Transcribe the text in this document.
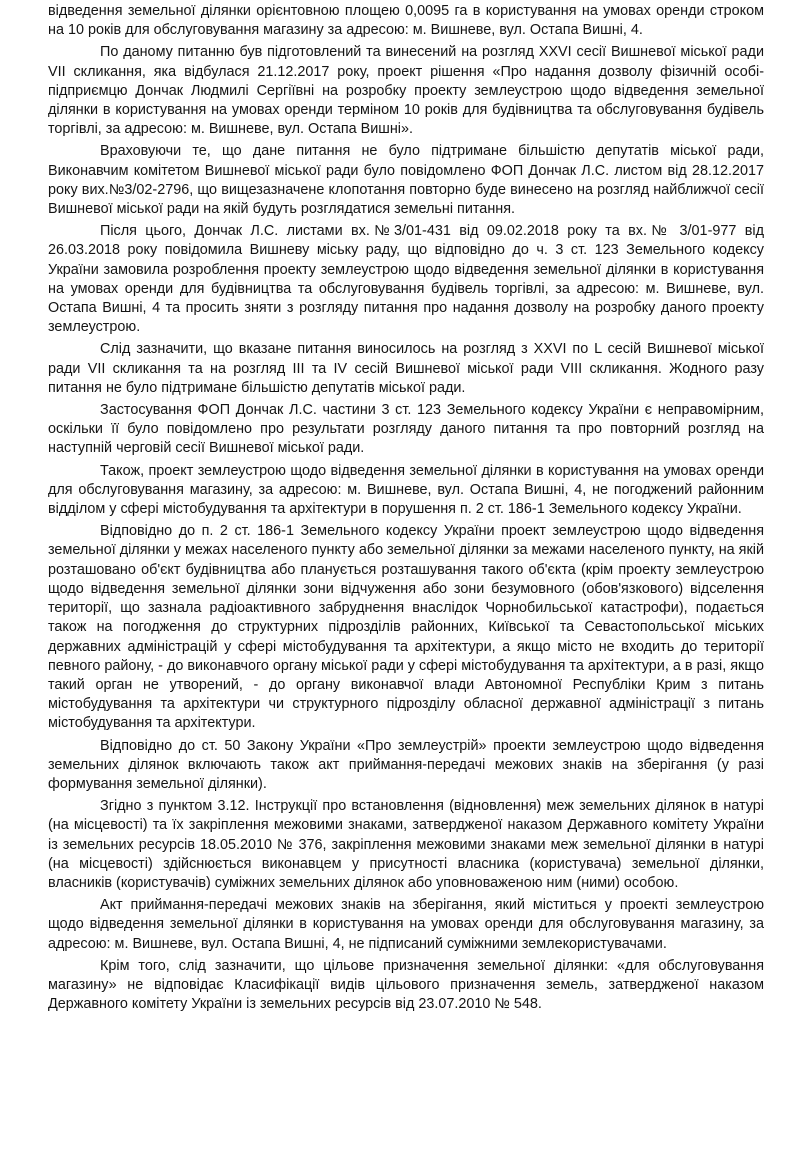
відведення земельної ділянки орієнтовною площею 0,0095 га в користування на умовах оренди строком на 10 років для обслуговування магазину за адресою: м. Вишневе, вул. Остапа Вишні, 4.

По даному питанню був підготовлений та винесений на розгляд XXVI сесії Вишневої міської ради VII скликання, яка відбулася 21.12.2017 року, проект рішення «Про надання дозволу фізичній особі-підприємцю Дончак Людмилі Сергіївні на розробку проекту землеустрою щодо відведення земельної ділянки в користування на умовах оренди терміном 10 років для будівництва та обслуговування будівель торгівлі, за адресою: м. Вишневе, вул. Остапа Вишні».

Враховуючи те, що дане питання не було підтримане більшістю депутатів міської ради, Виконавчим комітетом Вишневої міської ради було повідомлено ФОП Дончак Л.С. листом від 28.12.2017 року вих.№3/02-2796, що вищезазначене клопотання повторно буде винесено на розгляд найближчої сесії Вишневої міської ради на якій будуть розглядатися земельні питання.

Після цього, Дончак Л.С. листами вх.№3/01-431 від 09.02.2018 року та вх.№ 3/01-977 від 26.03.2018 року повідомила Вишневу міську раду, що відповідно до ч. 3 ст. 123 Земельного кодексу України замовила розроблення проекту землеустрою щодо відведення земельної ділянки в користування на умовах оренди для будівництва та обслуговування будівель торгівлі, за адресою: м. Вишневе, вул. Остапа Вишні, 4 та просить зняти з розгляду питання про надання дозволу на розробку даного проекту землеустрою.

Слід зазначити, що вказане питання виносилось на розгляд з XXVI по L сесій Вишневої міської ради VII скликання та на розгляд III та IV сесій Вишневої міської ради VIII скликання. Жодного разу питання не було підтримане більшістю депутатів міської ради.

Застосування ФОП Дончак Л.С. частини 3 ст. 123 Земельного кодексу України є неправомірним, оскільки її було повідомлено про результати розгляду даного питання та про повторний розгляд на наступній черговій сесії Вишневої міської ради.

Також, проект землеустрою щодо відведення земельної ділянки в користування на умовах оренди для обслуговування магазину, за адресою: м. Вишневе, вул. Остапа Вишні, 4, не погоджений районним відділом у сфері містобудування та архітектури в порушення п. 2 ст. 186-1 Земельного кодексу України.

Відповідно до п. 2 ст. 186-1 Земельного кодексу України проект землеустрою щодо відведення земельної ділянки у межах населеного пункту або земельної ділянки за межами населеного пункту, на якій розташовано об'єкт будівництва або планується розташування такого об'єкта (крім проекту землеустрою щодо відведення земельної ділянки зони відчуження або зони безумовного (обов'язкового) відселення території, що зазнала радіоактивного забруднення внаслідок Чорнобильської катастрофи), подається також на погодження до структурних підрозділів районних, Київської та Севастопольської міських державних адміністрацій у сфері містобудування та архітектури, а якщо місто не входить до території певного району, - до виконавчого органу міської ради у сфері містобудування та архітектури, а в разі, якщо такий орган не утворений, - до органу виконавчої влади Автономної Республіки Крим з питань містобудування та архітектури чи структурного підрозділу обласної державної адміністрації з питань містобудування та архітектури.

Відповідно до ст. 50 Закону України «Про землеустрій» проекти землеустрою щодо відведення земельних ділянок включають також акт приймання-передачі межових знаків на зберігання (у разі формування земельної ділянки).

Згідно з пунктом 3.12. Інструкції про встановлення (відновлення) меж земельних ділянок в натурі (на місцевості) та їх закріплення межовими знаками, затвердженої наказом Державного комітету України із земельних ресурсів 18.05.2010 № 376, закріплення межовими знаками меж земельної ділянки в натурі (на місцевості) здійснюється виконавцем у присутності власника (користувача) земельної ділянки, власників (користувачів) суміжних земельних ділянок або уповноваженою ним (ними) особою.

Акт приймання-передачі межових знаків на зберігання, який міститься у проекті землеустрою щодо відведення земельної ділянки в користування на умовах оренди для обслуговування магазину, за адресою: м. Вишневе, вул. Остапа Вишні, 4, не підписаний суміжними землекористувачами.

Крім того, слід зазначити, що цільове призначення земельної ділянки: «для обслуговування магазину» не відповідає Класифікації видів цільового призначення земель, затвердженої наказом Державного комітету України із земельних ресурсів від 23.07.2010 № 548.
